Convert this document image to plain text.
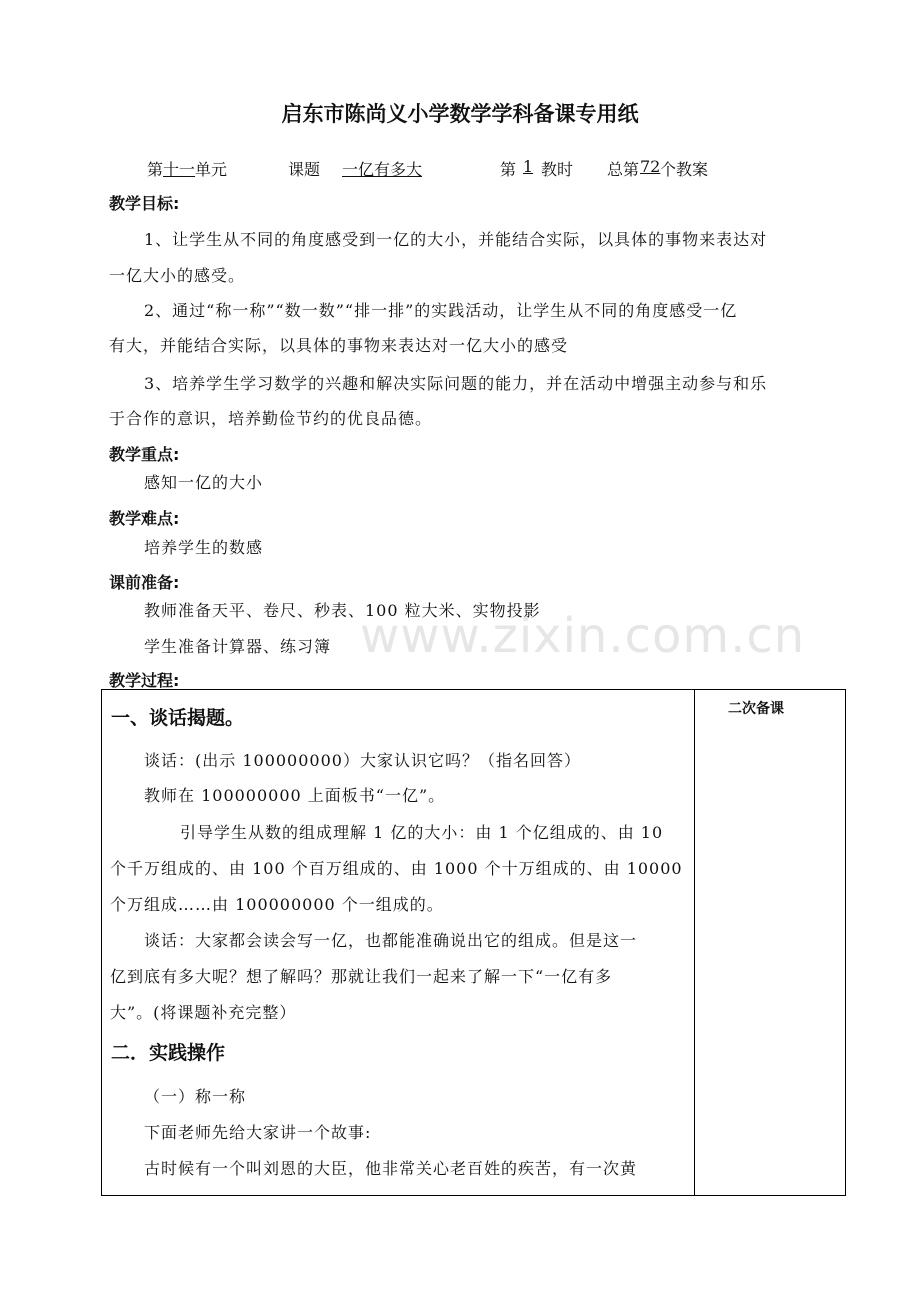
www.zixin.com.cn
启东市陈尚义小学数学学科备课专用纸
第 十一 单元	课题	一亿有多大	第 1 教时 总第 72 个教案
教学目标:
1、让学生从不同的角度感受到一亿的大小，并能结合实际，以具体的事物来表达对
一亿大小的感受。
2、通过“称一称”“数一数”“排一排”的实践活动，让学生从不同的角度感受一亿
有大，并能结合实际，以具体的事物来表达对一亿大小的感受
3、培养学生学习数学的兴趣和解决实际问题的能力，并在活动中增强主动参与和乐
于合作的意识，培养勤俭节约的优良品德。
教学重点:
感知一亿的大小
教学难点:
培养学生的数感
课前准备:
教师准备天平、卷尺、秒表、100 粒大米、实物投影
学生准备计算器、练习簿
教学过程:
二次备课
一、谈话揭题。
谈话：(出示 100000000）大家认识它吗？（指名回答）
教师在 100000000 上面板书“一亿”。
引导学生从数的组成理解 1 亿的大小：由 1 个亿组成的、由 10
个千万组成的、由 100 个百万组成的、由 1000 个十万组成的、由 10000
个万组成……由 100000000 个一组成的。
谈话：大家都会读会写一亿，也都能准确说出它的组成。但是这一
亿到底有多大呢？想了解吗？那就让我们一起来了解一下“一亿有多
大”。(将课题补充完整）
二．实践操作
（一）称一称
下面老师先给大家讲一个故事:
古时候有一个叫刘恩的大臣，他非常关心老百姓的疾苦，有一次黄
